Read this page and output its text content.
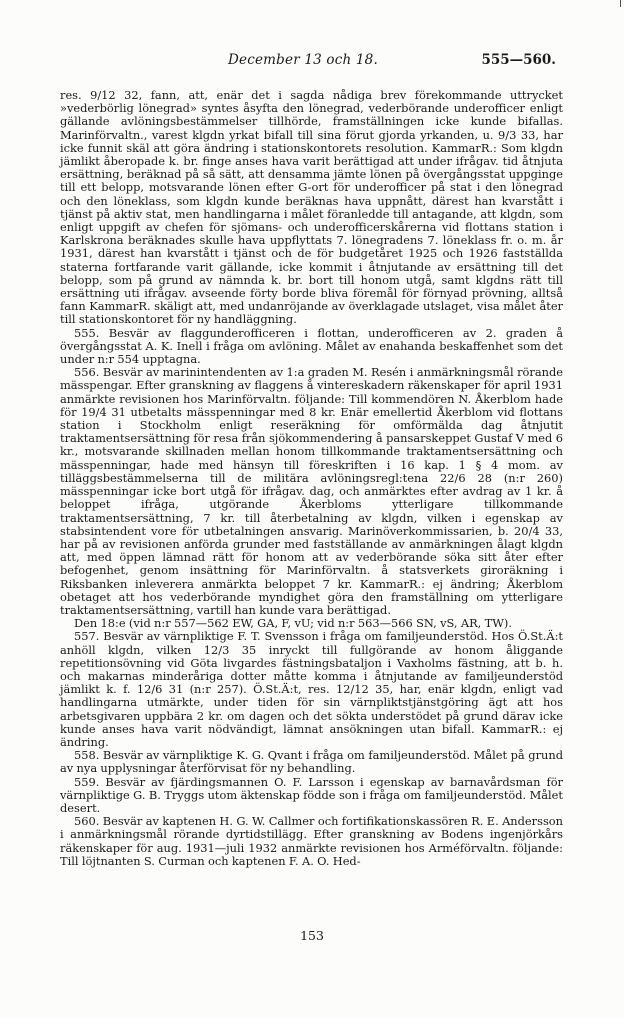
December 13 och 18.	555—560.

res. 9/12 32, fann, att, enär det i sagda nådiga brev förekommande uttrycket »vederbörlig lönegrad» syntes åsyfta den lönegrad, vederbörande underofficer enligt gällande avlöningsbestämmelser tillhörde, framställningen icke kunde bifallas. Marinförvaltn., varest klgdn yrkat bifall till sina förut gjorda yrkanden, u. 9/3 33, har icke funnit skäl att göra ändring i stationskontorets resolution. KammarR.: Som klgdn jämlikt åberopade k. br. finge anses hava varit berättigad att under ifrågav. tid åtnjuta ersättning, beräknad på så sätt, att densamma jämte lönen på övergångsstat uppginge till ett belopp, motsvarande lönen efter G-ort för underofficer på stat i den lönegrad och den löneklass, som klgdn kunde beräknas hava uppnått, därest han kvarstått i tjänst på aktiv stat, men handlingarna i målet föranledde till antagande, att klgdn, som enligt uppgift av chefen för sjömans- och underofficerskårerna vid flottans station i Karlskrona beräknades skulle hava uppflyttats 7. lönegradens 7. löneklass fr. o. m. år 1931, därest han kvarstått i tjänst och de för budgetåret 1925 och 1926 fastställda staterna fortfarande varit gällande, icke kommit i åtnjutande av ersättning till det belopp, som på grund av nämnda k. br. bort till honom utgå, samt klgdns rätt till ersättning uti ifrågav. avseende förty borde bliva föremål för förnyad prövning, alltså fann KammarR. skäligt att, med undanröjande av överklagade utslaget, visa målet åter till stationskontoret för ny handläggning.

555. Besvär av flaggunderofficeren i flottan, underofficeren av 2. graden å övergångsstat A. K. Inell i fråga om avlöning. Målet av enahanda beskaffenhet som det under n:r 554 upptagna.

556. Besvär av marinintendenten av 1:a graden M. Resén i anmärkningsmål rörande mässpengar. Efter granskning av flaggens å vintereskadern räkenskaper för april 1931 anmärkte revisionen hos Marinförvaltn. följande: Till kommendören N. Åkerblom hade för 19/4 31 utbetalts mässpenningar med 8 kr. Enär emellertid Åkerblom vid flottans station i Stockholm enligt reseräkning för omförmälda dag åtnjutit traktamentsersättning för resa från sjökommendering å pansarskeppet Gustaf V med 6 kr., motsvarande skillnaden mellan honom tillkommande traktamentsersättning och mässpenningar, hade med hänsyn till föreskriften i 16 kap. 1 § 4 mom. av tilläggsbestämmelserna till de militära avlöningsregl:tena 22/6 28 (n:r 260) mässpenningar icke bort utgå för ifrågav. dag, och anmärktes efter avdrag av 1 kr. å beloppet ifråga, utgörande Åkerbloms ytterligare tillkommande traktamentsersättning, 7 kr. till återbetalning av klgdn, vilken i egenskap av stabsintendent vore för utbetalningen ansvarig. Marinöverkommissarien, b. 20/4 33, har på av revisionen anförda grunder med fastställande av anmärkningen ålagt klgdn att, med öppen lämnad rätt för honom att av vederbörande söka sitt åter efter befogenhet, genom insättning för Marinförvaltn. å statsverkets giroräkning i Riksbanken inleverera anmärkta beloppet 7 kr. KammarR.: ej ändring; Åkerblom obetaget att hos vederbörande myndighet göra den framställning om ytterligare traktamentsersättning, vartill han kunde vara berättigad.

Den 18:e (vid n:r 557—562 EW, GA, F, vU; vid n:r 563—566 SN, vS, AR, TW).

557. Besvär av värnpliktige F. T. Svensson i fråga om familjeunderstöd. Hos Ö.St.Ä:t anhöll klgdn, vilken 12/3 35 inryckt till fullgörande av honom åliggande repetitionsövning vid Göta livgardes fästningsbataljon i Vaxholms fästning, att b. h. och makarnas minderåriga dotter måtte komma i åtnjutande av familjeunderstöd jämlikt k. f. 12/6 31 (n:r 257). Ö.St.Ä:t, res. 12/12 35, har, enär klgdn, enligt vad handlingarna utmärkte, under tiden för sin värnpliktstjänstgöring ägt att hos arbetsgivaren uppbära 2 kr. om dagen och det sökta understödet på grund därav icke kunde anses hava varit nödvändigt, lämnat ansökningen utan bifall. KammarR.: ej ändring.

558. Besvär av värnpliktige K. G. Qvant i fråga om familjeunderstöd. Målet på grund av nya upplysningar återförvisat för ny behandling.

559. Besvär av fjärdingsmannen O. F. Larsson i egenskap av barnavårdsman för värnpliktige G. B. Tryggs utom äktenskap födde son i fråga om familjeunderstöd. Målet desert.

560. Besvär av kaptenen H. G. W. Callmer och fortifikationskassören R. E. Andersson i anmärkningsmål rörande dyrtidstillägg. Efter granskning av Bodens ingenjörkårs räkenskaper för aug. 1931—juli 1932 anmärkte revisionen hos Arméförvaltn. följande: Till löjtnanten S. Curman och kaptenen F. A. O. Hed-

153
